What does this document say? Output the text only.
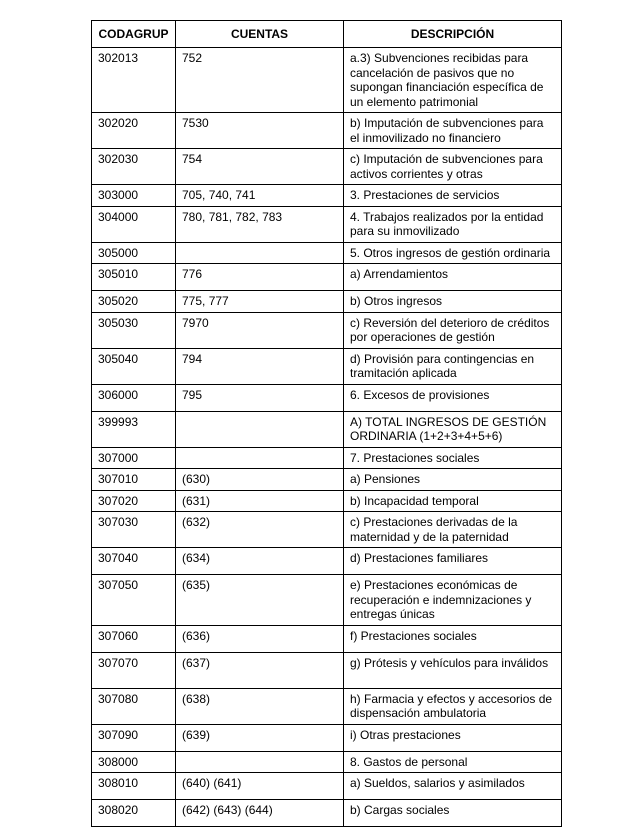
CODAGRUP	CUENTAS	DESCRIPCIÓN
302013	752	a.3) Subvenciones recibidas para cancelación de pasivos que no supongan financiación específica de un elemento patrimonial
302020	7530	b) Imputación de subvenciones para el inmovilizado no financiero
302030	754	c) Imputación de subvenciones para activos corrientes y otras
303000	705, 740, 741	3. Prestaciones de servicios
304000	780, 781, 782, 783	4. Trabajos realizados por la entidad para su inmovilizado
305000		5. Otros ingresos de gestión ordinaria
305010	776	a) Arrendamientos
305020	775, 777	b) Otros ingresos
305030	7970	c) Reversión del deterioro de créditos por operaciones de gestión
305040	794	d) Provisión para contingencias en tramitación aplicada
306000	795	6. Excesos de provisiones
399993		A) TOTAL INGRESOS DE GESTIÓN ORDINARIA (1+2+3+4+5+6)
307000		7. Prestaciones sociales
307010	(630)	a) Pensiones
307020	(631)	b) Incapacidad temporal
307030	(632)	c) Prestaciones derivadas de la maternidad y de la paternidad
307040	(634)	d) Prestaciones familiares
307050	(635)	e) Prestaciones económicas de recuperación e indemnizaciones y entregas únicas
307060	(636)	f) Prestaciones sociales
307070	(637)	g) Prótesis y vehículos para inválidos
307080	(638)	h) Farmacia y efectos y accesorios de dispensación ambulatoria
307090	(639)	i) Otras prestaciones
308000		8. Gastos de personal
308010	(640) (641)	a) Sueldos, salarios y asimilados
308020	(642) (643) (644)	b) Cargas sociales
